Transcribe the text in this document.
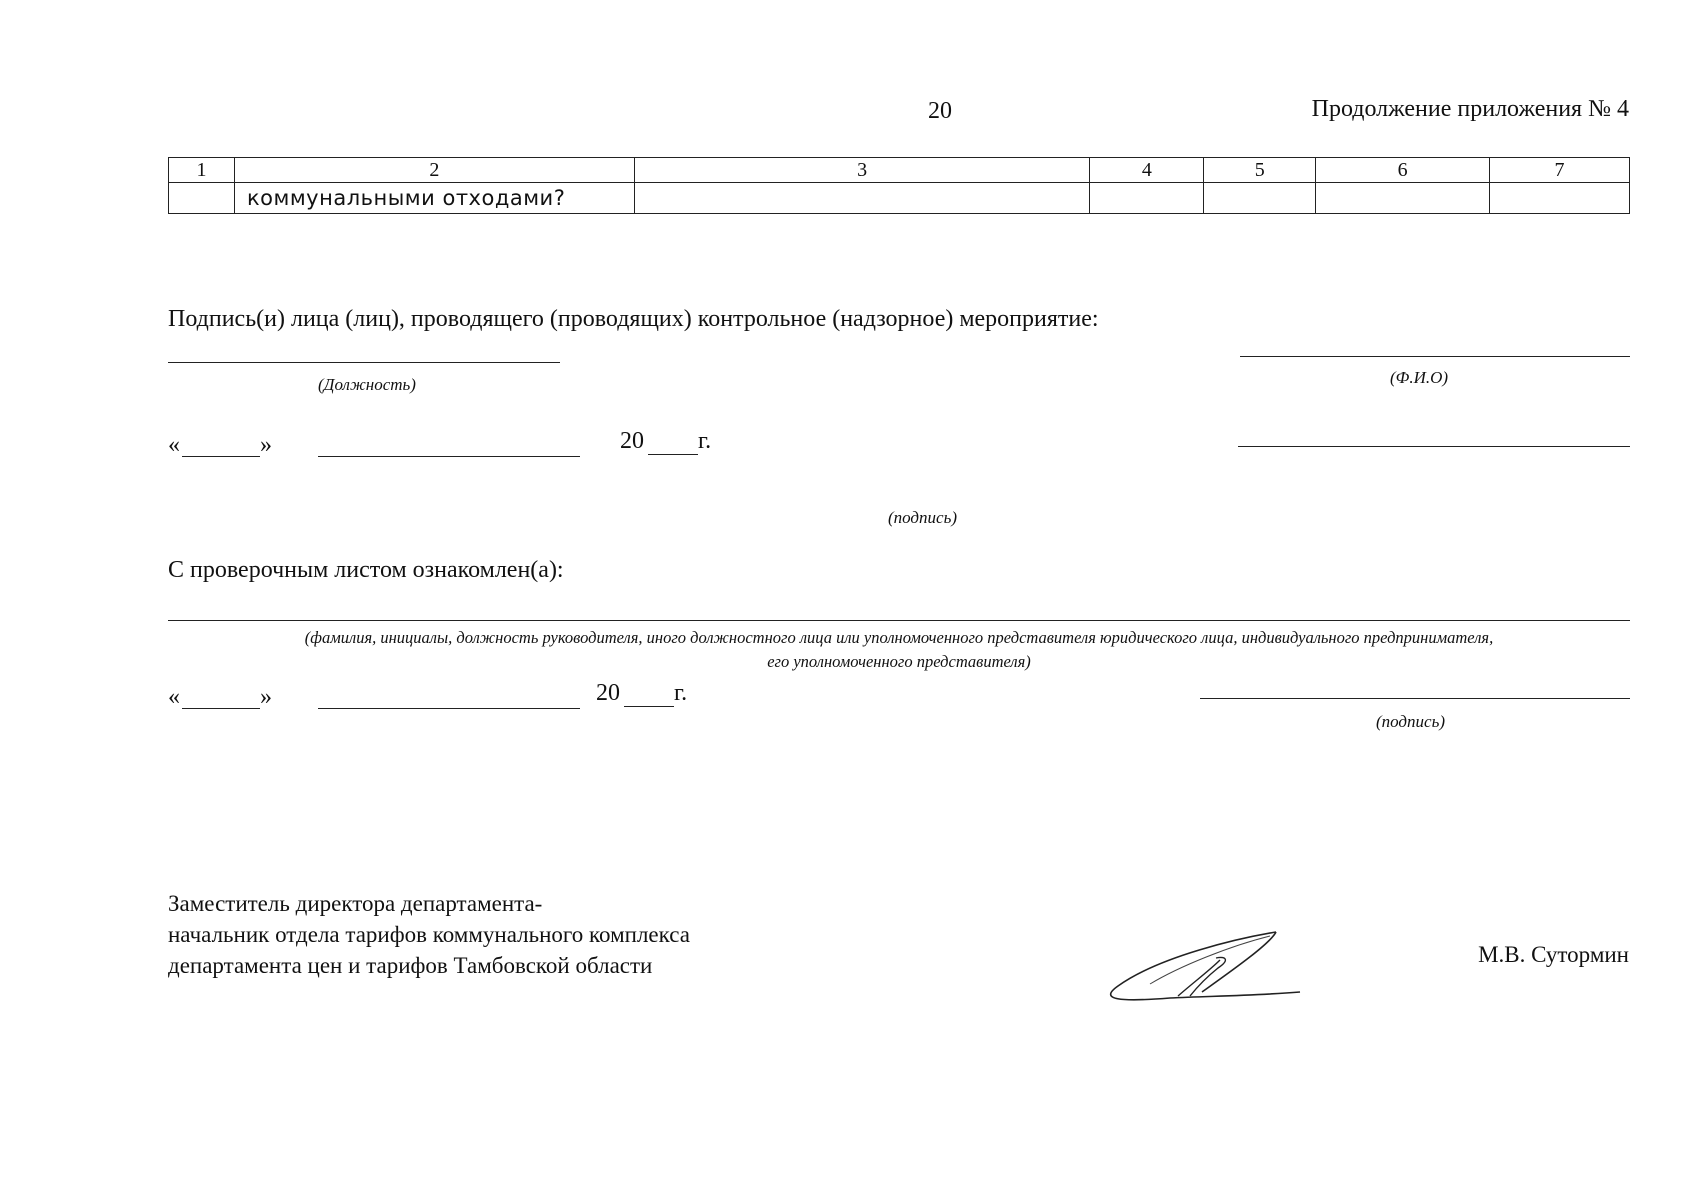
20	Продолжение приложения № 4
1	2	3	4	5	6	7
	коммунальными отходами?					
Подпись(и) лица (лиц), проводящего (проводящих) контрольное (надзорное) мероприятие:
(Должность)	(Ф.И.О)
«	»	20 г.
(подпись)
С проверочным листом ознакомлен(а):
(фамилия, инициалы, должность руководителя, иного должностного лица или уполномоченного представителя юридического лица, индивидуального предпринимателя,
его уполномоченного представителя)
«	»	20 г.
(подпись)
Заместитель директора департамента-
начальник отдела тарифов коммунального комплекса
департамента цен и тарифов Тамбовской области	М.В. Сутормин
